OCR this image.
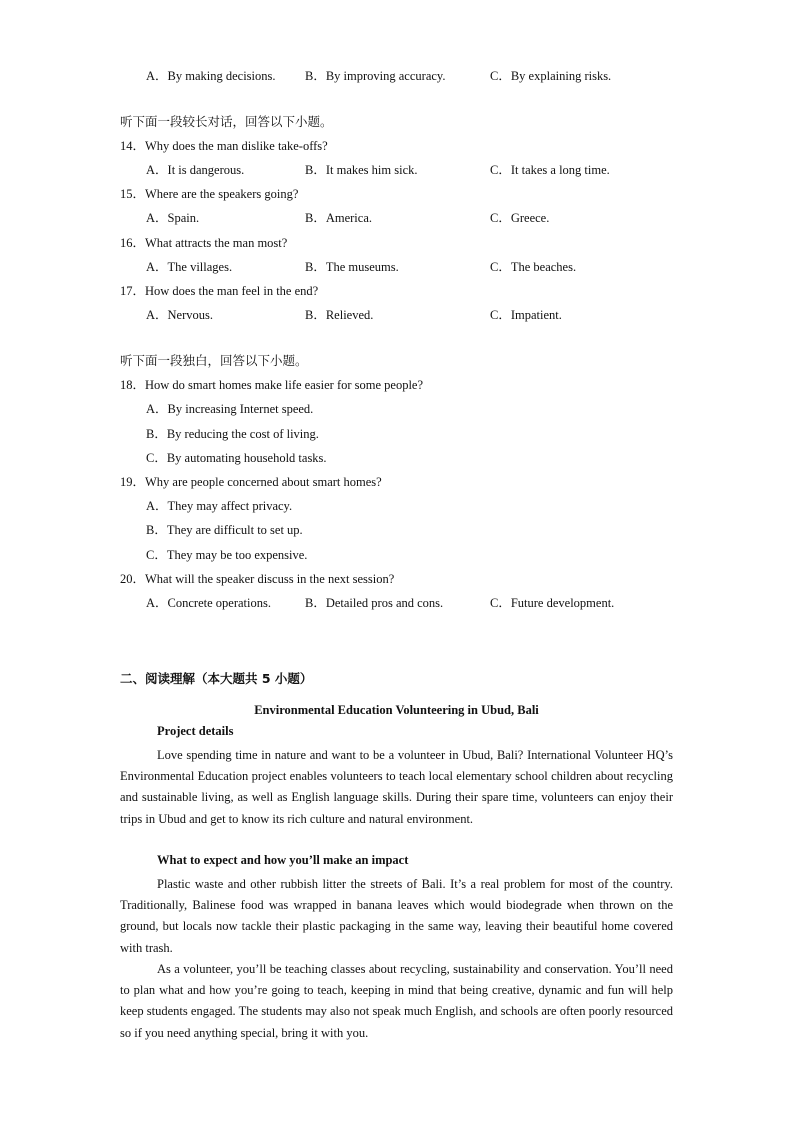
A．By making decisions. B．By improving accuracy.	C．By explaining risks.
听下面一段较长对话，回答以下小题。
14．Why does the man dislike take-offs?
A．It is dangerous.	B．It makes him sick.	C．It takes a long time.
15．Where are the speakers going?
A．Spain.	B．America.	C．Greece.
16．What attracts the man most?
A．The villages.	B．The museums.	C．The beaches.
17．How does the man feel in the end?
A．Nervous.	B．Relieved.	C．Impatient.
听下面一段独白，回答以下小题。
18．How do smart homes make life easier for some people?
A．By increasing Internet speed.
B．By reducing the cost of living.
C．By automating household tasks.
19．Why are people concerned about smart homes?
A．They may affect privacy.
B．They are difficult to set up.
C．They may be too expensive.
20．What will the speaker discuss in the next session?
A．Concrete operations.	B．Detailed pros and cons.	C．Future development.
二、阅读理解（本大题共 5 小题）
Environmental Education Volunteering in Ubud, Bali
Project details

Love spending time in nature and want to be a volunteer in Ubud, Bali? International Volunteer HQ’s Environmental Education project enables volunteers to teach local elementary school children about recycling and sustainable living, as well as English language skills. During their spare time, volunteers can enjoy their trips in Ubud and get to know its rich culture and natural environment.

What to expect and how you’ll make an impact

Plastic waste and other rubbish litter the streets of Bali. It’s a real problem for most of the country. Traditionally, Balinese food was wrapped in banana leaves which would biodegrade when thrown on the ground, but locals now tackle their plastic packaging in the same way, leaving their beautiful home covered with trash.

As a volunteer, you’ll be teaching classes about recycling, sustainability and conservation. You’ll need to plan what and how you’re going to teach, keeping in mind that being creative, dynamic and fun will help keep students engaged. The students may also not speak much English, and schools are often poorly resourced so if you need anything special, bring it with you.
